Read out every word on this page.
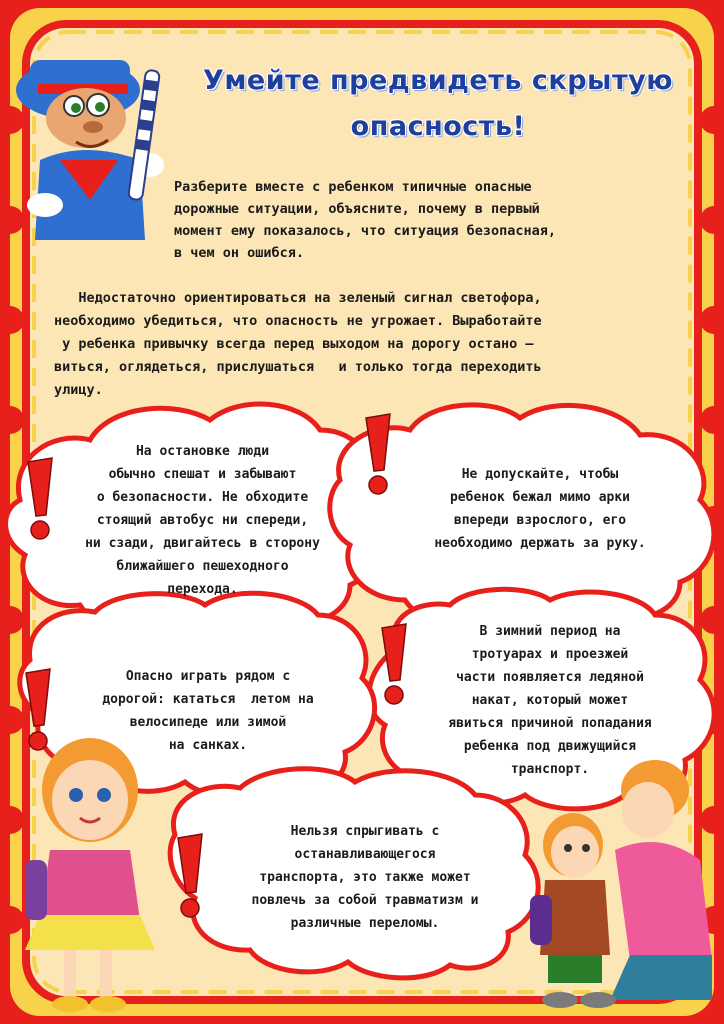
Умейте предвидеть скрытую
опасность!
Разберите вместе с ребенком типичные опасные
дорожные ситуации, объясните, почему в первый
момент ему показалось, что ситуация безопасная,
в чем он ошибся.
Недостаточно ориентироваться на зеленый сигнал светофора,
необходимо убедиться, что опасность не угрожает. Выработайте
у ребенка привычку всегда перед выходом на дорогу остано –
виться, оглядеться, прислушаться   и только тогда переходить
улицу.
На остановке люди
обычно спешат и забывают
о безопасности. Не обходите
стоящий автобус ни спереди,
ни сзади, двигайтесь в сторону
ближайшего пешеходного
перехода.
Не допускайте, чтобы
ребенок бежал мимо арки
впереди взрослого, его
необходимо держать за руку.
В зимний период на
тротуарах и проезжей
части появляется ледяной
накат, который может
явиться причиной попадания
ребенка под движущийся
транспорт.
Опасно играть рядом с
дорогой: кататься  летом на
велосипеде или зимой
на санках.
Нельзя спрыгивать с
останавливающегося
транспорта, это также может
повлечь за собой травматизм и
различные переломы.
